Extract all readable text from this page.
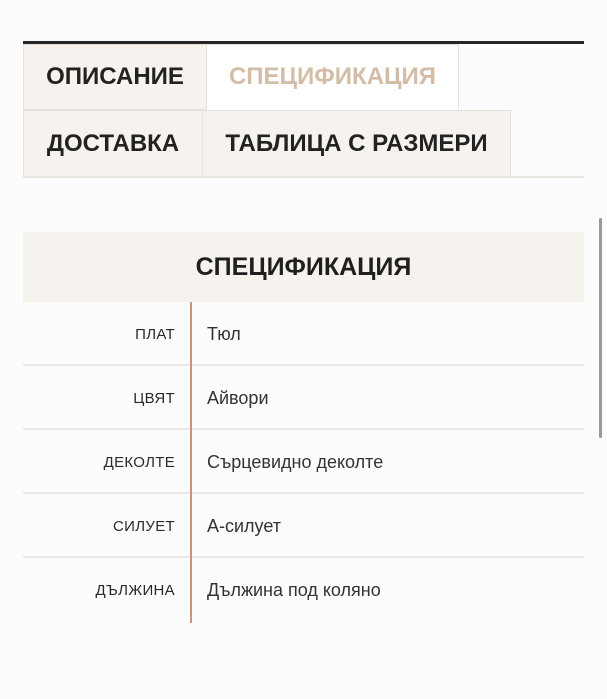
ОПИСАНИЕ	СПЕЦИФИКАЦИЯ
ДОСТАВКА	ТАБЛИЦА С РАЗМЕРИ
СПЕЦИФИКАЦИЯ
ПЛАТ Тюл
ЦВЯТ Айвори
ДЕКОЛТЕ Сърцевидно деколте
СИЛУЕТ А-силует
ДЪЛЖИНА Дължина под коляно
